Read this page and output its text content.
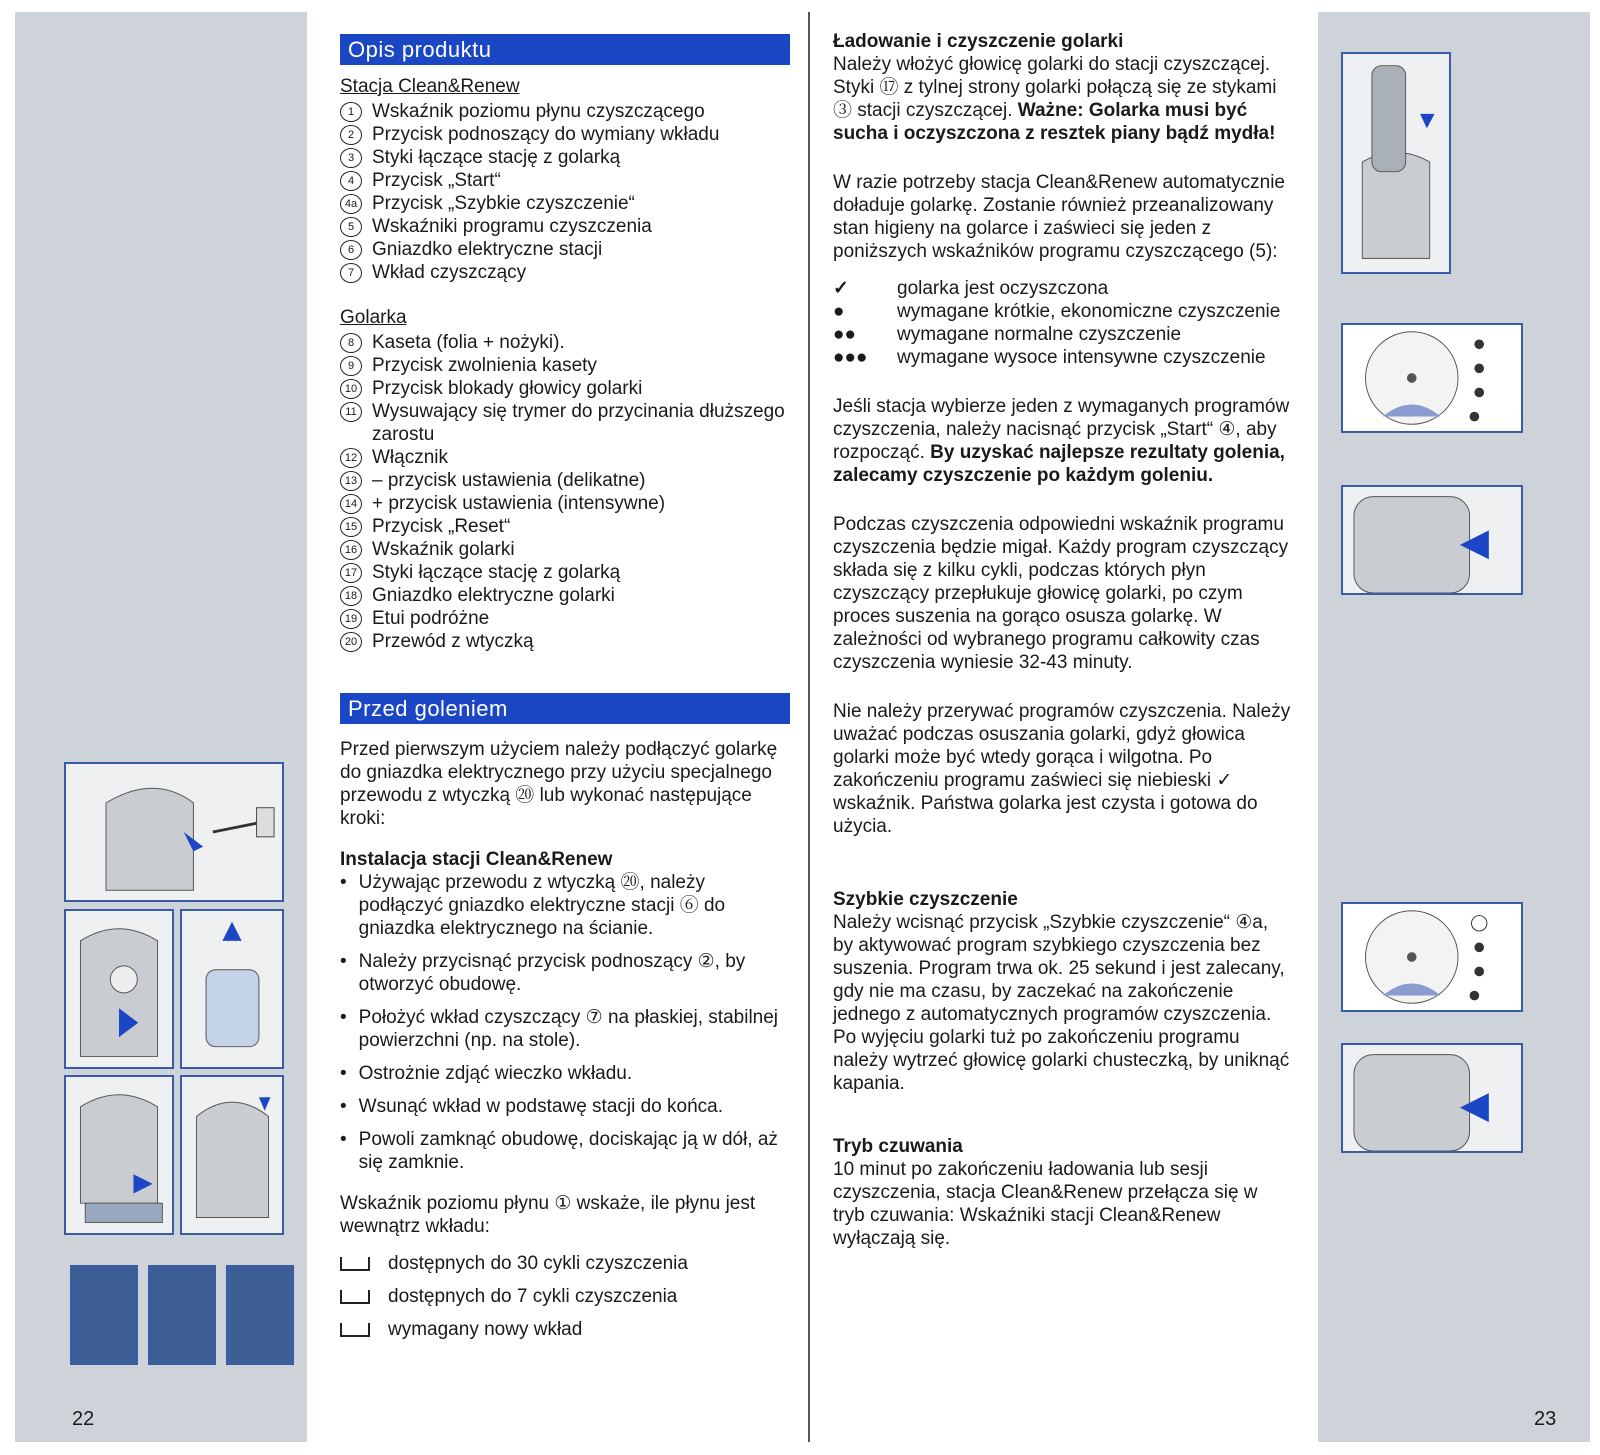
Opis produktu
Stacja Clean&Renew
1 Wskaźnik poziomu płynu czyszczącego
2 Przycisk podnoszący do wymiany wkładu
3 Styki łączące stację z golarką
4 Przycisk „Start“
4a Przycisk „Szybkie czyszczenie“
5 Wskaźniki programu czyszczenia
6 Gniazdko elektryczne stacji
7 Wkład czyszczący
Golarka
8 Kaseta (folia + nożyki).
9 Przycisk zwolnienia kasety
10 Przycisk blokady głowicy golarki
11 Wysuwający się trymer do przycinania dłuższego zarostu
12 Włącznik
13 – przycisk ustawienia (delikatne)
14 + przycisk ustawienia (intensywne)
15 Przycisk „Reset“
16 Wskaźnik golarki
17 Styki łączące stację z golarką
18 Gniazdko elektryczne golarki
19 Etui podróżne
20 Przewód z wtyczką
Przed goleniem
Przed pierwszym użyciem należy podłączyć golarkę do gniazdka elektrycznego przy użyciu specjalnego przewodu z wtyczką ⑳ lub wykonać następujące kroki:
Instalacja stacji Clean&Renew
• Używając przewodu z wtyczką ⑳, należy podłączyć gniazdko elektryczne stacji ⑥ do gniazdka elektrycznego na ścianie.
• Należy przycisnąć przycisk podnoszący ②, by otworzyć obudowę.
• Położyć wkład czyszczący ⑦ na płaskiej, stabilnej powierzchni (np. na stole).
• Ostrożnie zdjąć wieczko wkładu.
• Wsunąć wkład w podstawę stacji do końca.
• Powoli zamknąć obudowę, dociskając ją w dół, aż się zamknie.
Wskaźnik poziomu płynu ① wskaże, ile płynu jest wewnątrz wkładu:
dostępnych do 30 cykli czyszczenia
dostępnych do 7 cykli czyszczenia
wymagany nowy wkład
Ładowanie i czyszczenie golarki
Należy włożyć głowicę golarki do stacji czyszczącej. Styki ⑰ z tylnej strony golarki połączą się ze stykami ③ stacji czyszczącej. Ważne: Golarka musi być sucha i oczyszczona z resztek piany bądź mydła!
W razie potrzeby stacja Clean&Renew automatycznie doładuje golarkę. Zostanie również przeanalizowany stan higieny na golarce i zaświeci się jeden z poniższych wskaźników programu czyszczącego (5):
✓	golarka jest oczyszczona
●	wymagane krótkie, ekonomiczne czyszczenie
●●	wymagane normalne czyszczenie
●●●	wymagane wysoce intensywne czyszczenie
Jeśli stacja wybierze jeden z wymaganych programów czyszczenia, należy nacisnąć przycisk „Start“ ④, aby rozpocząć. By uzyskać najlepsze rezultaty golenia, zalecamy czyszczenie po każdym goleniu.
Podczas czyszczenia odpowiedni wskaźnik programu czyszczenia będzie migał. Każdy program czyszczący składa się z kilku cykli, podczas których płyn czyszczący przepłukuje głowicę golarki, po czym proces suszenia na gorąco osusza golarkę. W zależności od wybranego programu całkowity czas czyszczenia wyniesie 32-43 minuty.
Nie należy przerywać programów czyszczenia. Należy uważać podczas osuszania golarki, gdyż głowica golarki może być wtedy gorąca i wilgotna. Po zakończeniu programu zaświeci się niebieski ✓ wskaźnik. Państwa golarka jest czysta i gotowa do użycia.
Szybkie czyszczenie
Należy wcisnąć przycisk „Szybkie czyszczenie“ ④a, by aktywować program szybkiego czyszczenia bez suszenia. Program trwa ok. 25 sekund i jest zalecany, gdy nie ma czasu, by zaczekać na zakończenie jednego z automatycznych programów czyszczenia. Po wyjęciu golarki tuż po zakończeniu programu należy wytrzeć głowicę golarki chusteczką, by uniknąć kapania.
Tryb czuwania
10 minut po zakończeniu ładowania lub sesji czyszczenia, stacja Clean&Renew przełącza się w tryb czuwania: Wskaźniki stacji Clean&Renew wyłączają się.
22	23
